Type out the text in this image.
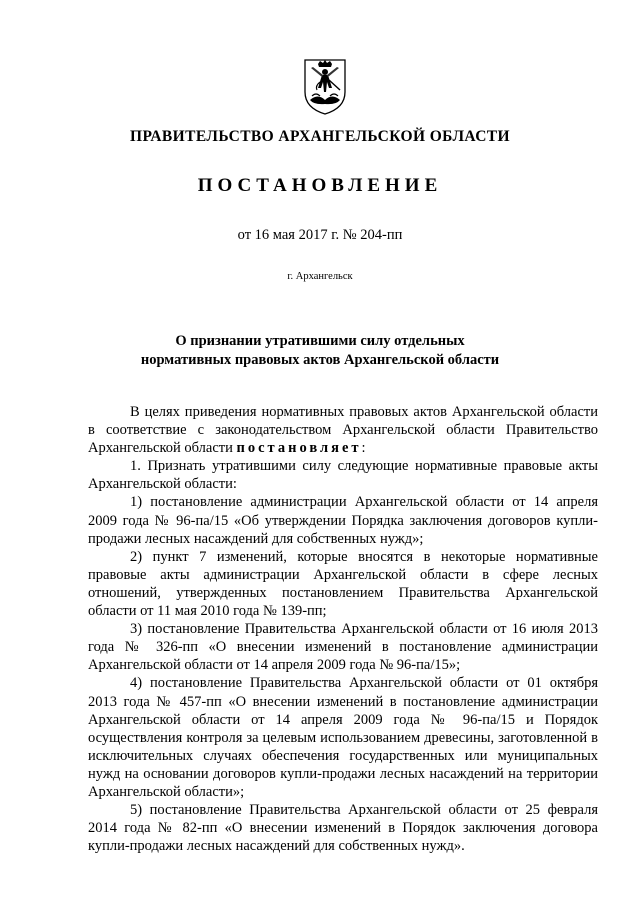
ПРАВИТЕЛЬСТВО АРХАНГЕЛЬСКОЙ ОБЛАСТИ
ПОСТАНОВЛЕНИЕ
от 16 мая 2017 г. № 204-пп
г. Архангельск
О признании утратившими силу отдельных
нормативных правовых актов Архангельской области

В целях приведения нормативных правовых актов Архангельской области в соответствие с законодательством Архангельской области Правительство Архангельской области постановляет:

1. Признать утратившими силу следующие нормативные правовые акты Архангельской области:

1) постановление администрации Архангельской области от 14 апреля 2009 года № 96-па/15 «Об утверждении Порядка заключения договоров купли-продажи лесных насаждений для собственных нужд»;

2) пункт 7 изменений, которые вносятся в некоторые нормативные правовые акты администрации Архангельской области в сфере лесных отношений, утвержденных постановлением Правительства Архангельской области от 11 мая 2010 года № 139-пп;

3) постановление Правительства Архангельской области от 16 июля 2013 года № 326-пп «О внесении изменений в постановление администрации Архангельской области от 14 апреля 2009 года № 96-па/15»;

4) постановление Правительства Архангельской области от 01 октября 2013 года № 457-пп «О внесении изменений в постановление администрации Архангельской области от 14 апреля 2009 года № 96-па/15 и Порядок осуществления контроля за целевым использованием древесины, заготовленной в исключительных случаях обеспечения государственных или муниципальных нужд на основании договоров купли-продажи лесных насаждений на территории Архангельской области»;

5) постановление Правительства Архангельской области от 25 февраля 2014 года № 82-пп «О внесении изменений в Порядок заключения договора купли-продажи лесных насаждений для собственных нужд».
